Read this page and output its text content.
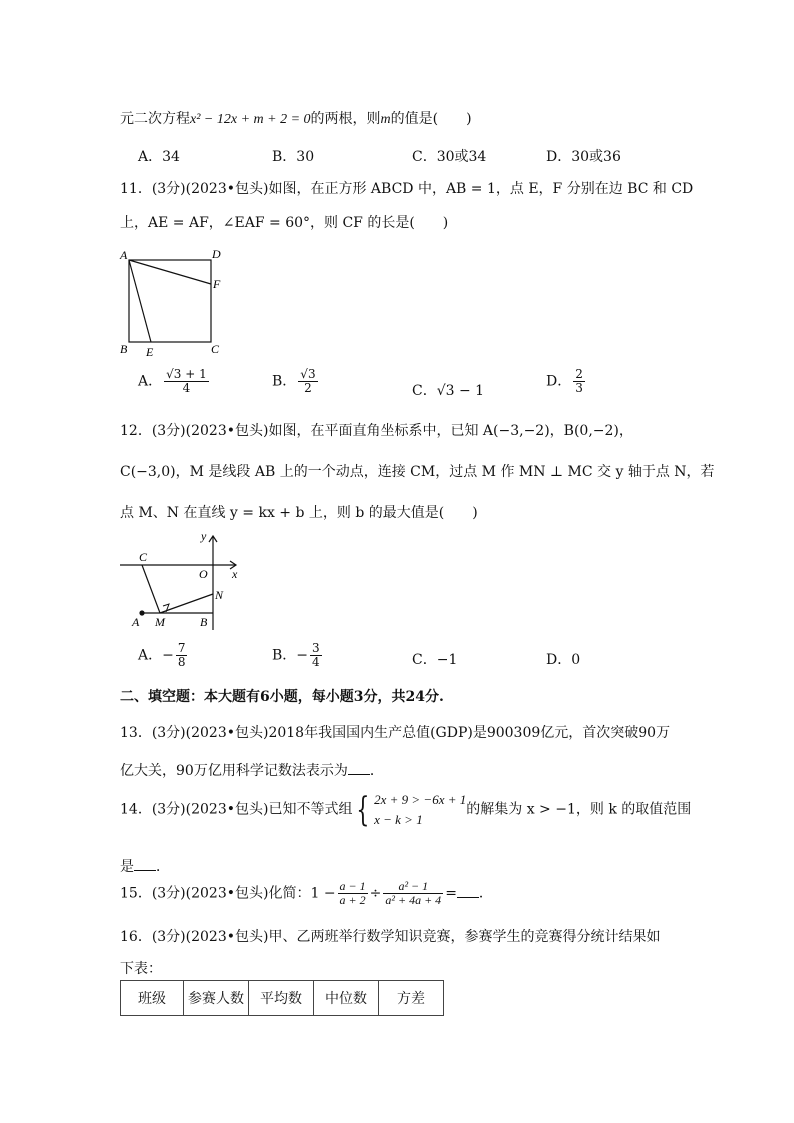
元二次方程x² − 12x + m + 2 = 0的两根，则m的值是(　　)
A．34	B．30	C．30或34	D．30或36
11．(3分)(2023•包头)如图，在正方形 ABCD 中，AB = 1，点 E，F 分别在边 BC 和 CD
上，AE = AF，∠EAF = 60°，则 CF 的长是(　　)
A	D
F
B E	C
A． $\frac{√3 + 1}{4}$	B． $\frac{√3}{2}$	C．√3 − 1
D． $\frac{2}{3}$
12．(3分)(2023•包头)如图，在平面直角坐标系中，已知 A(−3,−2)，B(0,−2)，
C(−3,0)，M 是线段 AB 上的一个动点，连接 CM，过点 M 作 MN ⊥ MC 交 y 轴于点 N，若
点 M、N 在直线 y = kx + b 上，则 b 的最大值是(　　)
y
x
C
O
N
A M	B
A．− $\frac{7}{8}$	B．− $\frac{3}{4}$	C．−1	D．0
二、填空题：本大题有6小题，每小题3分，共24分.
13．(3分)(2023•包头)2018年我国国内生产总值(GDP)是900309亿元，首次突破90万
亿大关，90万亿用科学记数法表示为 ．
14．(3分)(2023•包头)已知不等式组 { 2x + 9 > −6x + 1
x − k > 1
的解集为 x > −1，则 k 的取值范围
是 ．
15．(3分)(2023•包头)化简：$1 - \frac{a - 1}{a + 2} \div \frac{\text{a² − 1}}{\text{a² + 4a + 4}}$ = ．
16．(3分)(2023•包头)甲、乙两班举行数学知识竞赛，参赛学生的竞赛得分统计结果如
下表：
班级	参赛人数	平均数	中位数	方差
